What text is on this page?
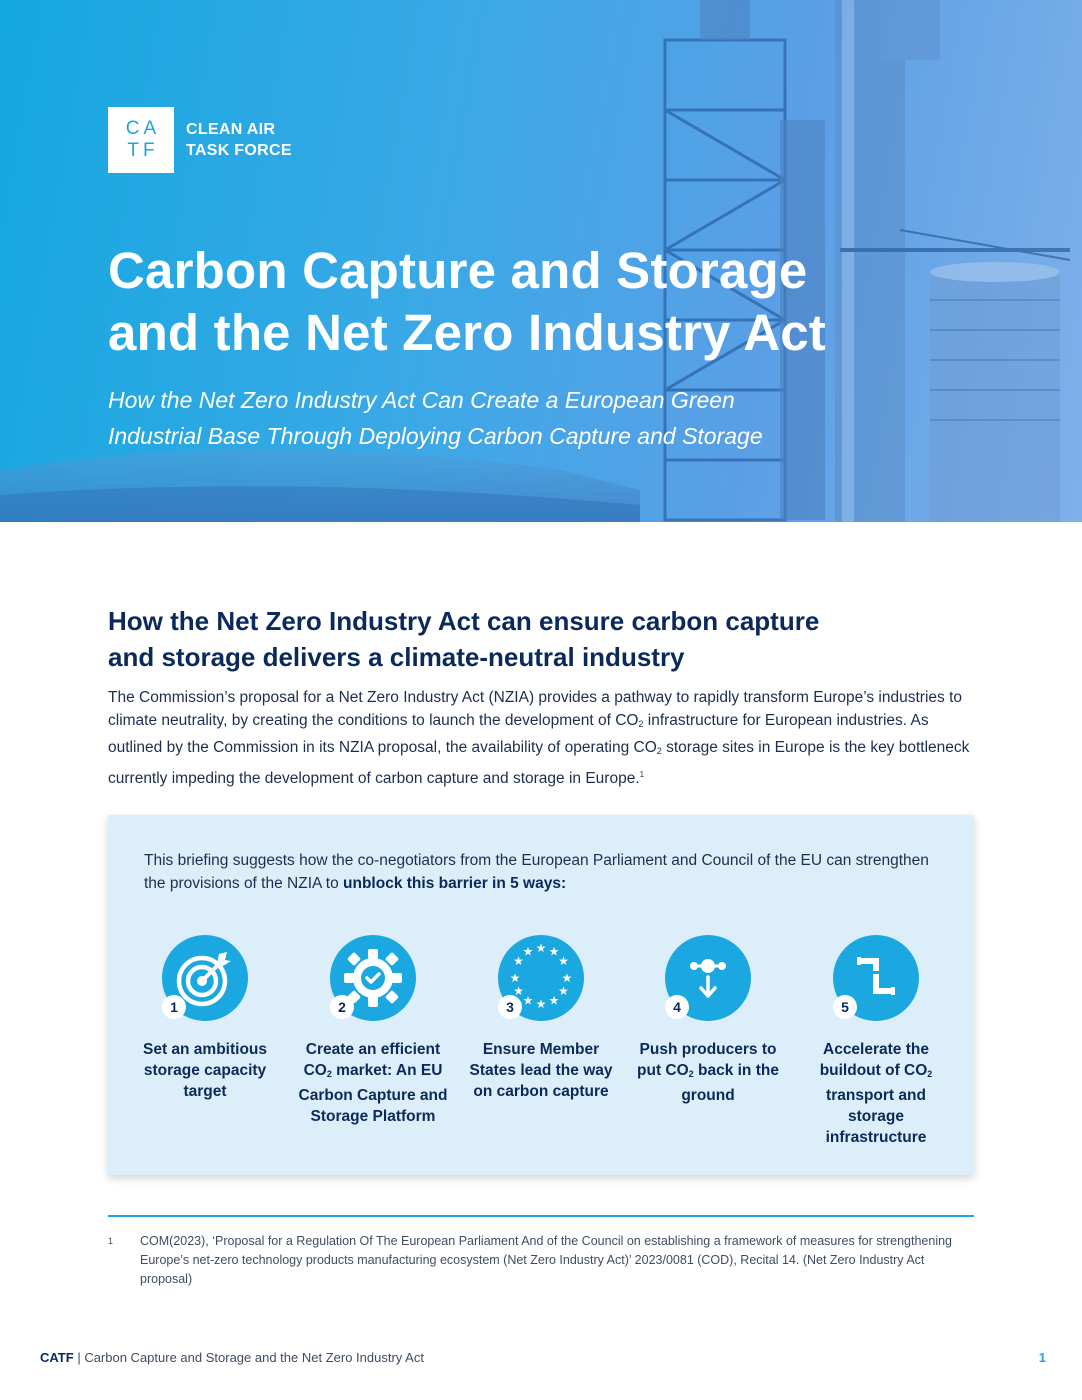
CA
TF
CLEAN AIR
TASK FORCE
Carbon Capture and Storage
and the Net Zero Industry Act
How the Net Zero Industry Act Can Create a European Green
Industrial Base Through Deploying Carbon Capture and Storage
How the Net Zero Industry Act can ensure carbon capture
and storage delivers a climate-neutral industry

The Commission’s proposal for a Net Zero Industry Act (NZIA) provides a pathway to rapidly transform Europe’s industries to climate neutrality, by creating the conditions to launch the development of $CO_2$ infrastructure for European industries. As outlined by the Commission in its NZIA proposal, the availability of operating $CO_2$ storage sites in Europe is the key bottleneck currently impeding the development of carbon capture and storage in Europe.$^1$

This briefing suggests how the co-negotiators from the European Parliament and Council of the EU can strengthen the provisions of the NZIA to unblock this barrier in 5 ways:

1
Set an ambitious storage capacity target
2
Create an efficient $CO_2$ market: An EU Carbon Capture and Storage Platform
★ ★
★
★
★
★
★
★
★
★
★
★
3
Ensure Member States lead the way on carbon capture
4
Push producers to put $CO_2$ back in the ground
5
Accelerate the buildout of $CO_2$ transport and storage infrastructure
1 COM(2023), ‘Proposal for a Regulation Of The European Parliament And of the Council on establishing a framework of measures for strengthening Europe’s net-zero technology products manufacturing ecosystem (Net Zero Industry Act)’ 2023/0081 (COD), Recital 14. (Net Zero Industry Act proposal)
CATF | Carbon Capture and Storage and the Net Zero Industry Act	1
